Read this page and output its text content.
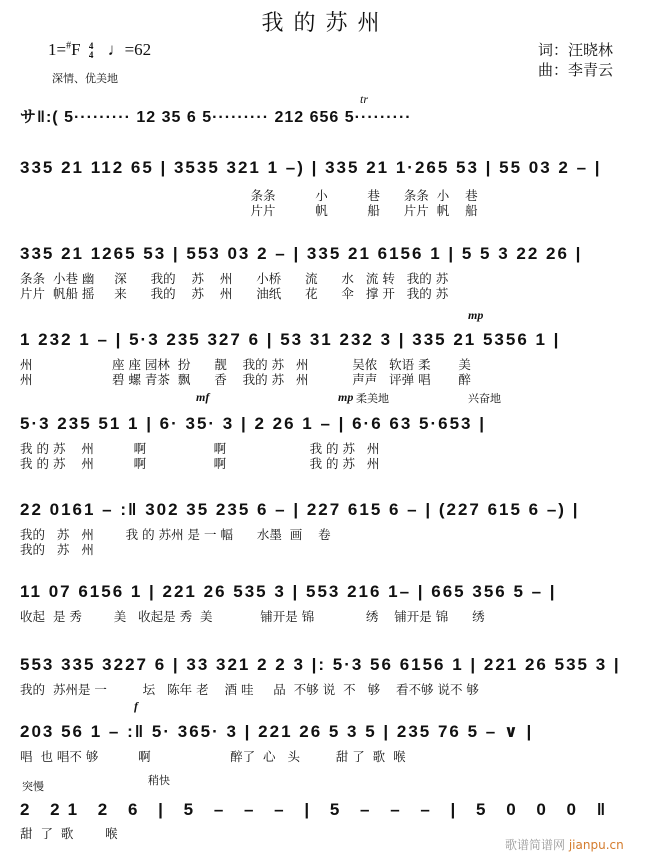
我的苏州
1=#F 4
4 ♩=62	词：汪晓林
曲：李青云
深情、优美地
サ‖:( 5········· 12 35 6 5········· 212 656 5·········
tr
335 21 112 65 | 3535 321 1 –) | 335 21 1·265 53 | 55 03 2 – |
条条          小          巷      条条  小    巷
片片          帆          船      片片  帆    船
335 21 1265 53 | 553 03 2 – | 335 21 6156 1 | 5 5 3 22 26 |
条条  小巷 幽     深      我的    苏    州      小桥      流      水   流 转   我的 苏
片片  帆船 摇     来      我的    苏    州      油纸      花      伞   撑 开   我的 苏
mp
1 232 1 – | 5·3 235 327 6 | 53 31 232 3 | 335 21 5356 1 |
州                    座 座 园林  扮      靓    我的 苏   州           吴侬   软语 柔       美
州                    碧 螺 青茶  飘      香    我的 苏   州           声声   评弹 唱       醉
mf	mp 柔美地	兴奋地
5·3 235 51 1 | 6· 35· 3 | 2 26 1 – | 6·6 63 5·653 |
我 的 苏    州          啊                 啊                     我 的 苏   州
我 的 苏    州          啊                 啊                     我 的 苏   州
22 0161 – :‖ 302 35 235 6 – | 227 615 6 – | (227 615 6 –) |
我的   苏   州        我 的 苏州 是 一 幅      水墨  画    卷
我的   苏   州
11 07 6156 1 | 221 26 535 3 | 553 216 1– | 665 356 5 – |
收起  是 秀        美   收起是 秀  美            铺开是 锦             绣    铺开是 锦      绣
553 335 3227 6 | 33 321 2 2 3 |: 5·3 56 6156 1 | 221 26 535 3 |
我的  苏州是 一         坛   陈年 老    酒 哇     品  不够 说  不   够    看不够 说不 够
f
203 56 1 – :‖ 5· 365· 3 | 221 26 5 3 5 | 235 76 5 – ∨ |
唱  也 唱不 够          啊                    醉了  心   头         甜 了  歌  喉
突慢	稍快
2 21 2 6 | 5 – – – | 5 – – – | 5 0 0 0 ‖
甜  了  歌        喉
歌谱简谱网 jianpu.cn
